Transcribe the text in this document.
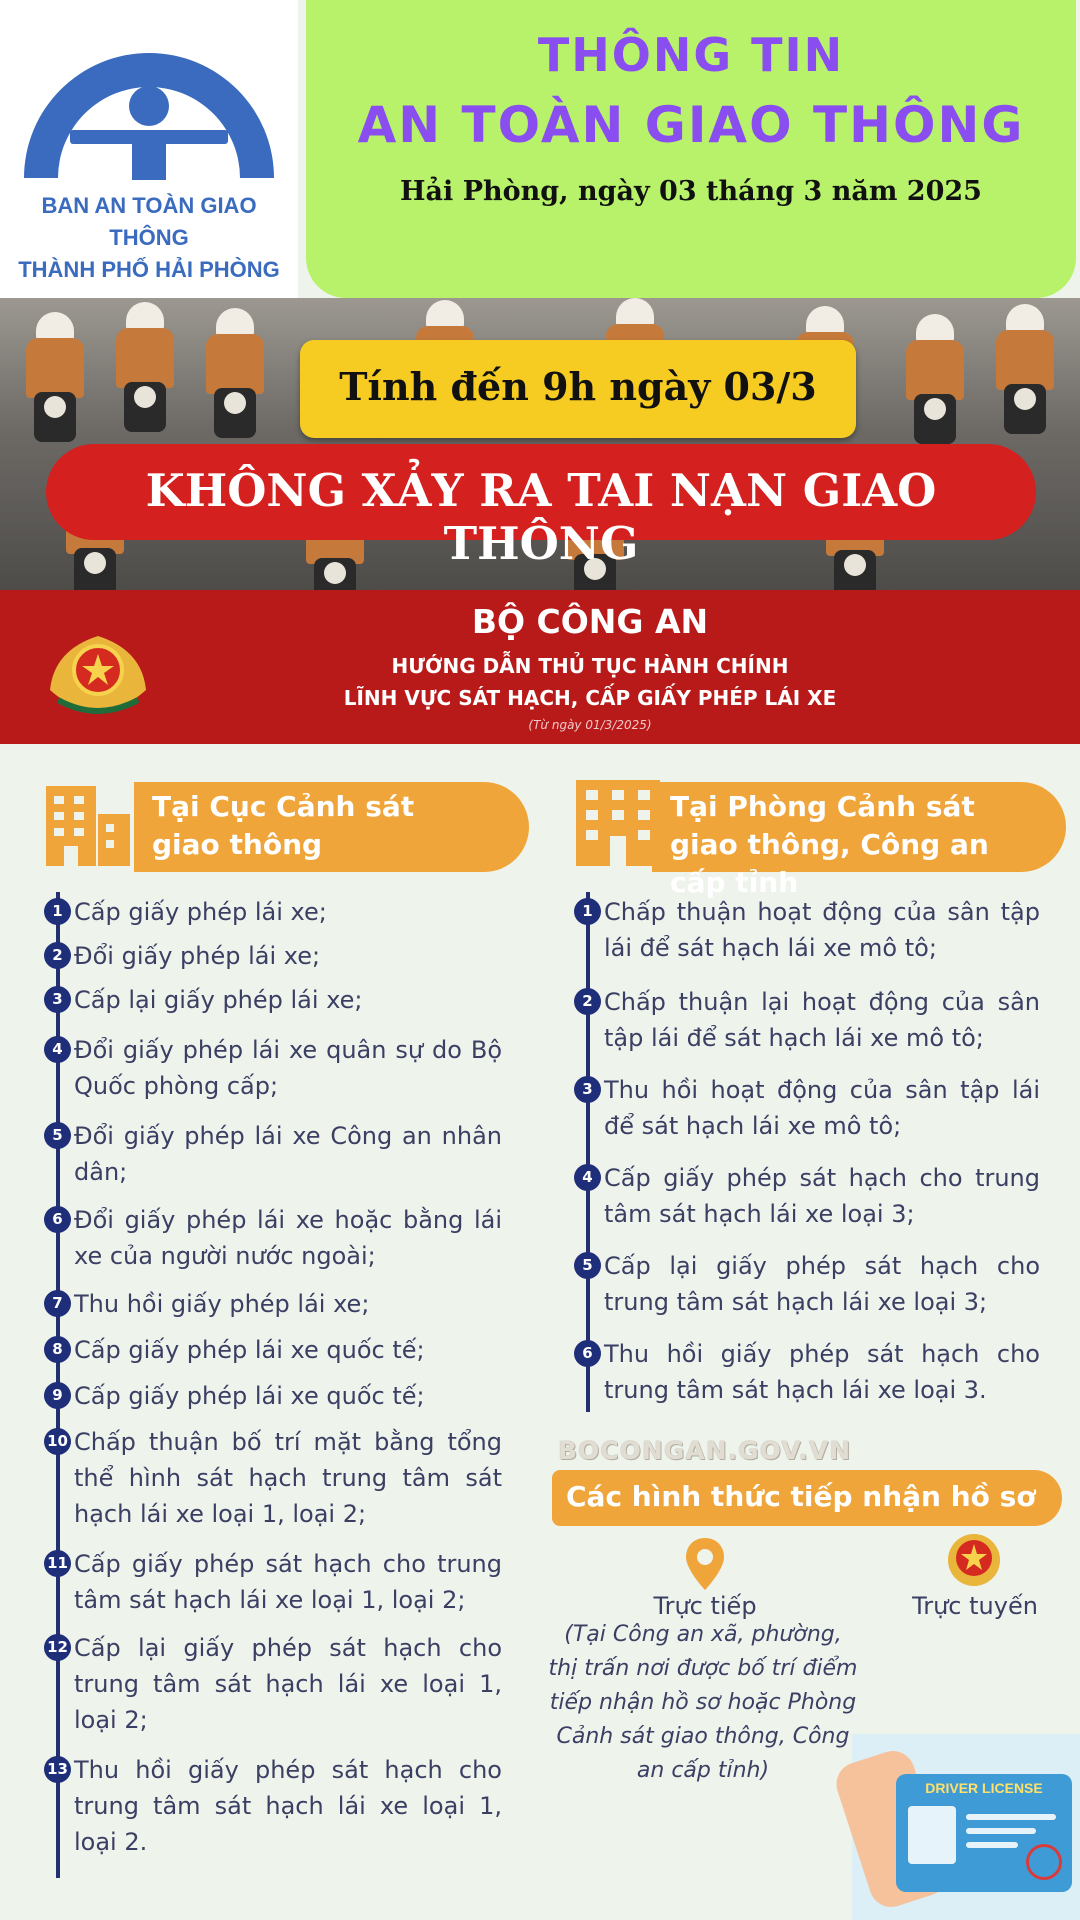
BAN AN TOÀN GIAO THÔNG
THÀNH PHỐ HẢI PHÒNG
THÔNG TIN
AN TOÀN GIAO THÔNG
Hải Phòng, ngày 03 tháng 3 năm 2025
Tính đến 9h ngày 03/3
KHÔNG XẢY RA TAI NẠN GIAO THÔNG
BỘ CÔNG AN
HƯỚNG DẪN THỦ TỤC HÀNH CHÍNH
LĨNH VỰC SÁT HẠCH, CẤP GIẤY PHÉP LÁI XE
(Từ ngày 01/3/2025)
Tại Cục Cảnh sát giao thông
Tại Phòng Cảnh sát giao thông, Công an cấp tỉnh
1 Cấp giấy phép lái xe;
2 Đổi giấy phép lái xe;
3 Cấp lại giấy phép lái xe;
4 Đổi giấy phép lái xe quân sự do Bộ Quốc phòng cấp;
5 Đổi giấy phép lái xe Công an nhân dân;
6 Đổi giấy phép lái xe hoặc bằng lái xe của người nước ngoài;
7 Thu hồi giấy phép lái xe;
8 Cấp giấy phép lái xe quốc tế;
9 Cấp giấy phép lái xe quốc tế;
10 Chấp thuận bố trí mặt bằng tổng thể hình sát hạch trung tâm sát hạch lái xe loại 1, loại 2;
11 Cấp giấy phép sát hạch cho trung tâm sát hạch lái xe loại 1, loại 2;
12 Cấp lại giấy phép sát hạch cho trung tâm sát hạch lái xe loại 1, loại 2;
13 Thu hồi giấy phép sát hạch cho trung tâm sát hạch lái xe loại 1, loại 2.
1 Chấp thuận hoạt động của sân tập lái để sát hạch lái xe mô tô;
2 Chấp thuận lại hoạt động của sân tập lái để sát hạch lái xe mô tô;
3 Thu hồi hoạt động của sân tập lái để sát hạch lái xe mô tô;
4 Cấp giấy phép sát hạch cho trung tâm sát hạch lái xe loại 3;
5 Cấp lại giấy phép sát hạch cho trung tâm sát hạch lái xe loại 3;
6 Thu hồi giấy phép sát hạch cho trung tâm sát hạch lái xe loại 3.
BOCONGAN.GOV.VN
Các hình thức tiếp nhận hồ sơ
Trực tiếp	Trực tuyến
(Tại Công an xã, phường, thị trấn nơi được bố trí điểm tiếp nhận hồ sơ hoặc Phòng Cảnh sát giao thông, Công an cấp tỉnh)
DRIVER LICENSE
